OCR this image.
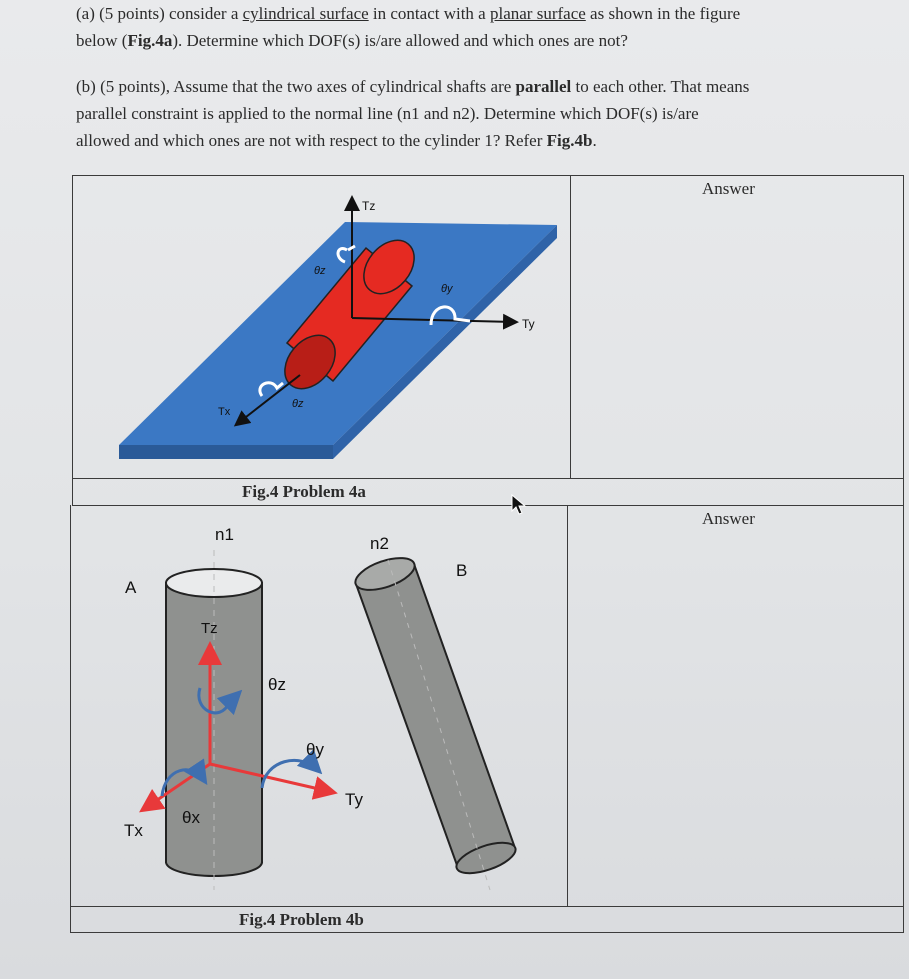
(a) (5 points) consider a cylindrical surface in contact with a planar surface as shown in the figure
below (Fig.4a). Determine which DOF(s) is/are allowed and which ones are not?
(b) (5 points), Assume that the two axes of cylindrical shafts are parallel to each other. That means
parallel constraint is applied to the normal line (n1 and n2). Determine which DOF(s) is/are
allowed and which ones are not with respect to the cylinder 1? Refer Fig.4b.
Answer
Answer
Fig.4 Problem 4a
Fig.4 Problem 4b
Tz
θz
Ty
θy
Tx
θz
n1	n2
A
B
Tz
Ty
Tx
θz
θy
θx
